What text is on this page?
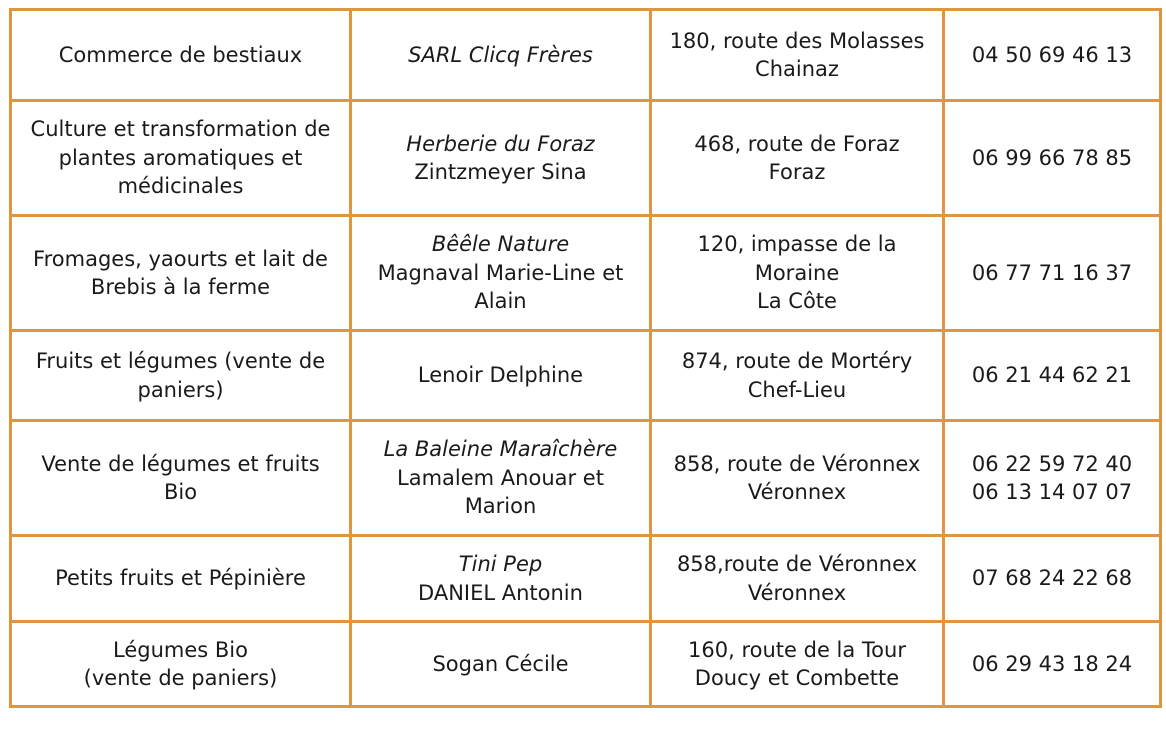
Commerce de bestiaux	SARL Clicq Frères	180, route des Molasses
Chainaz	04 50 69 46 13

Culture et transformation de
plantes aromatiques et
médicinales	Herberie du Foraz
Zintzmeyer Sina	468, route de Foraz
Foraz	06 99 66 78 85

Fromages, yaourts et lait de
Brebis à la ferme	Bêêle Nature
Magnaval Marie-Line et
Alain	120, impasse de la
Moraine
La Côte	06 77 71 16 37

Fruits et légumes (vente de
paniers)	Lenoir Delphine	874, route de Mortéry
Chef-Lieu	06 21 44 62 21

Vente de légumes et fruits
Bio	La Baleine Maraîchère
Lamalem Anouar et
Marion	858, route de Véronnex
Véronnex	06 22 59 72 40
06 13 14 07 07

Petits fruits et Pépinière	Tini Pep
DANIEL Antonin	858,route de Véronnex
Véronnex	07 68 24 22 68

Légumes Bio
(vente de paniers)	Sogan Cécile	160, route de la Tour
Doucy et Combette	06 29 43 18 24
